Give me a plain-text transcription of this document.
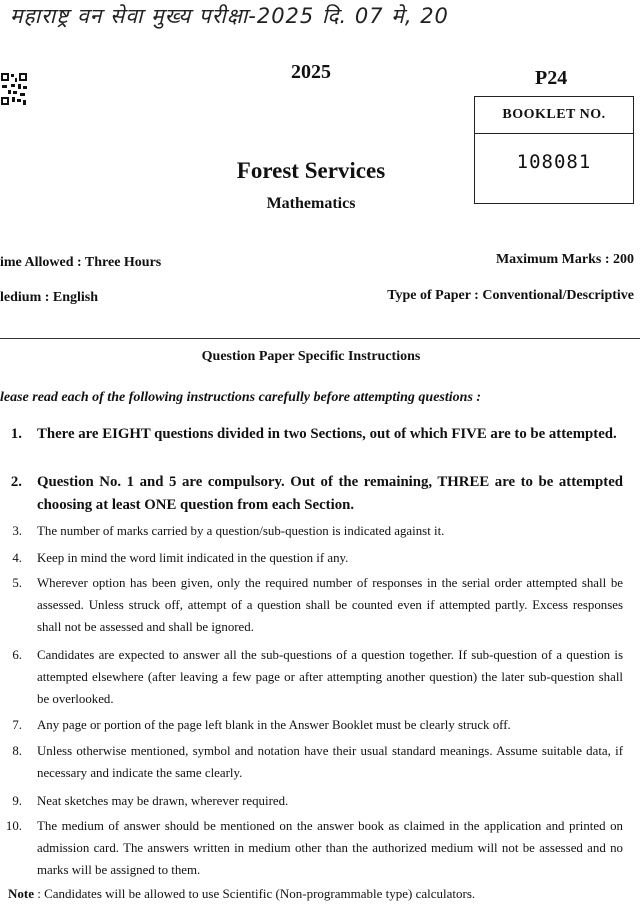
महाराष्ट्र वन सेवा मुख्य परीक्षा-2025 दि. 07 मे, 20
2025	P24
BOOKLET NO.
108081
Forest Services
Mathematics
ime Allowed : Three Hours	Maximum Marks : 200
ledium : English	Type of Paper : Conventional/Descriptive
Question Paper Specific Instructions
lease read each of the following instructions carefully before attempting questions :
1. There are EIGHT questions divided in two Sections, out of which FIVE are to be attempted.
2. Question No. 1 and 5 are compulsory. Out of the remaining, THREE are to be attempted choosing at least ONE question from each Section.
3. The number of marks carried by a question/sub-question is indicated against it.
4. Keep in mind the word limit indicated in the question if any.
5. Wherever option has been given, only the required number of responses in the serial order attempted shall be assessed. Unless struck off, attempt of a question shall be counted even if attempted partly. Excess responses shall not be assessed and shall be ignored.
6. Candidates are expected to answer all the sub-questions of a question together. If sub-question of a question is attempted elsewhere (after leaving a few page or after attempting another question) the later sub-question shall be overlooked.
7. Any page or portion of the page left blank in the Answer Booklet must be clearly struck off.
8. Unless otherwise mentioned, symbol and notation have their usual standard meanings. Assume suitable data, if necessary and indicate the same clearly.
9. Neat sketches may be drawn, wherever required.
10. The medium of answer should be mentioned on the answer book as claimed in the application and printed on admission card. The answers written in medium other than the authorized medium will not be assessed and no marks will be assigned to them.
Note : Candidates will be allowed to use Scientific (Non-programmable type) calculators.
